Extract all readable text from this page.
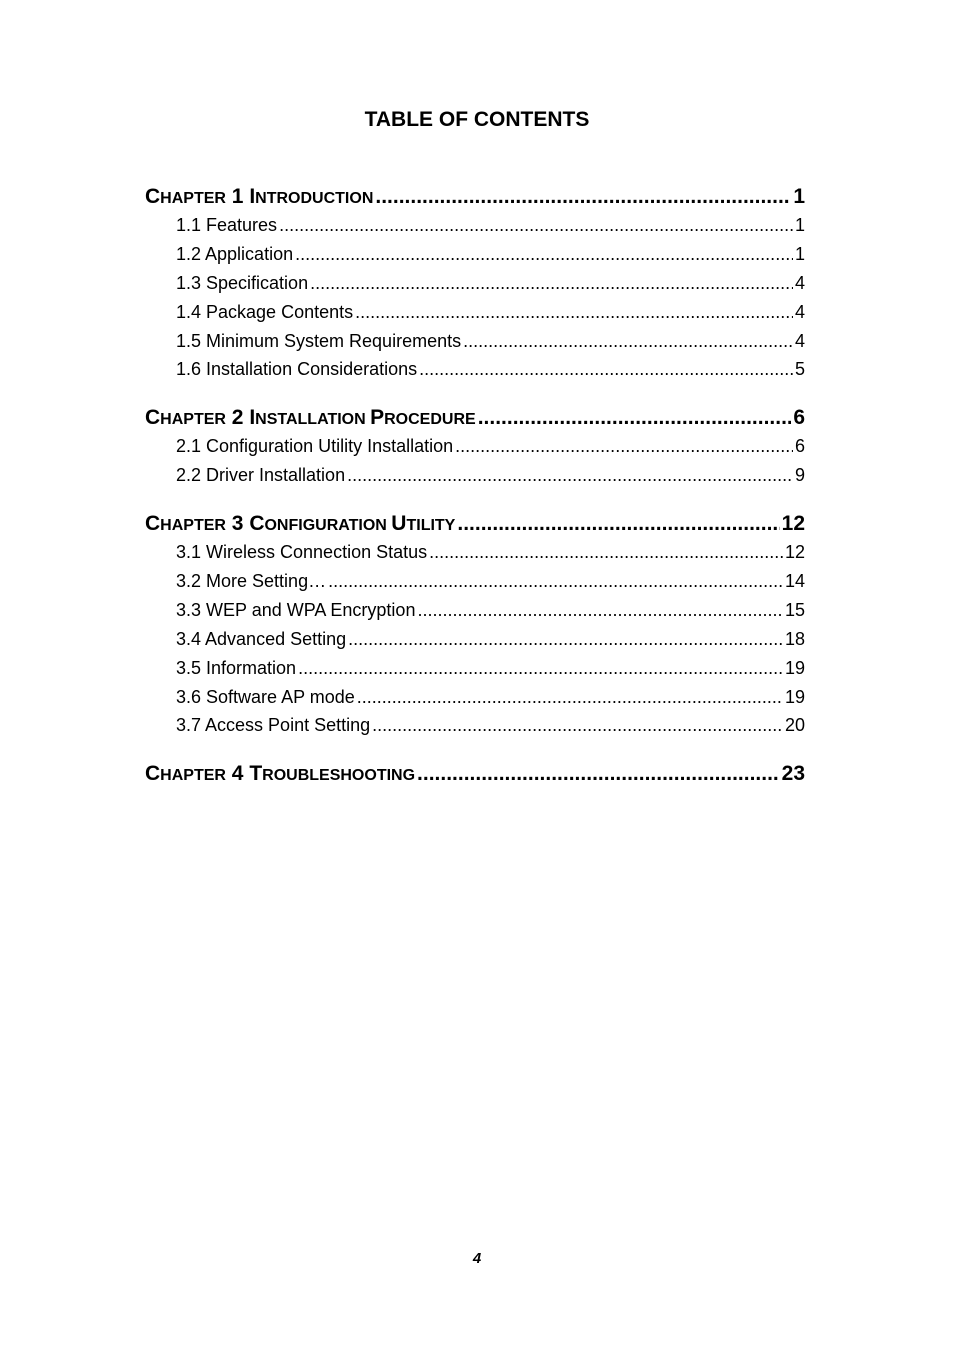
TABLE OF CONTENTS
CHAPTER 1 INTRODUCTION .....	1
1.1 Features .....	1
1.2 Application .....	1
1.3 Specification .....	4
1.4 Package Contents .....	4
1.5 Minimum System Requirements .....	4
1.6 Installation Considerations .....	5
CHAPTER 2 INSTALLATION PROCEDURE .....	6
2.1 Configuration Utility Installation .....	6
2.2 Driver Installation .....	9
CHAPTER 3 CONFIGURATION UTILITY .....	12
3.1 Wireless Connection Status .....	12
3.2 More Setting… .....	14
3.3 WEP and WPA Encryption .....	15
3.4 Advanced Setting .....	18
3.5 Information .....	19
3.6 Software AP mode .....	19
3.7 Access Point Setting .....	20
CHAPTER 4 TROUBLESHOOTING .....	23
4
